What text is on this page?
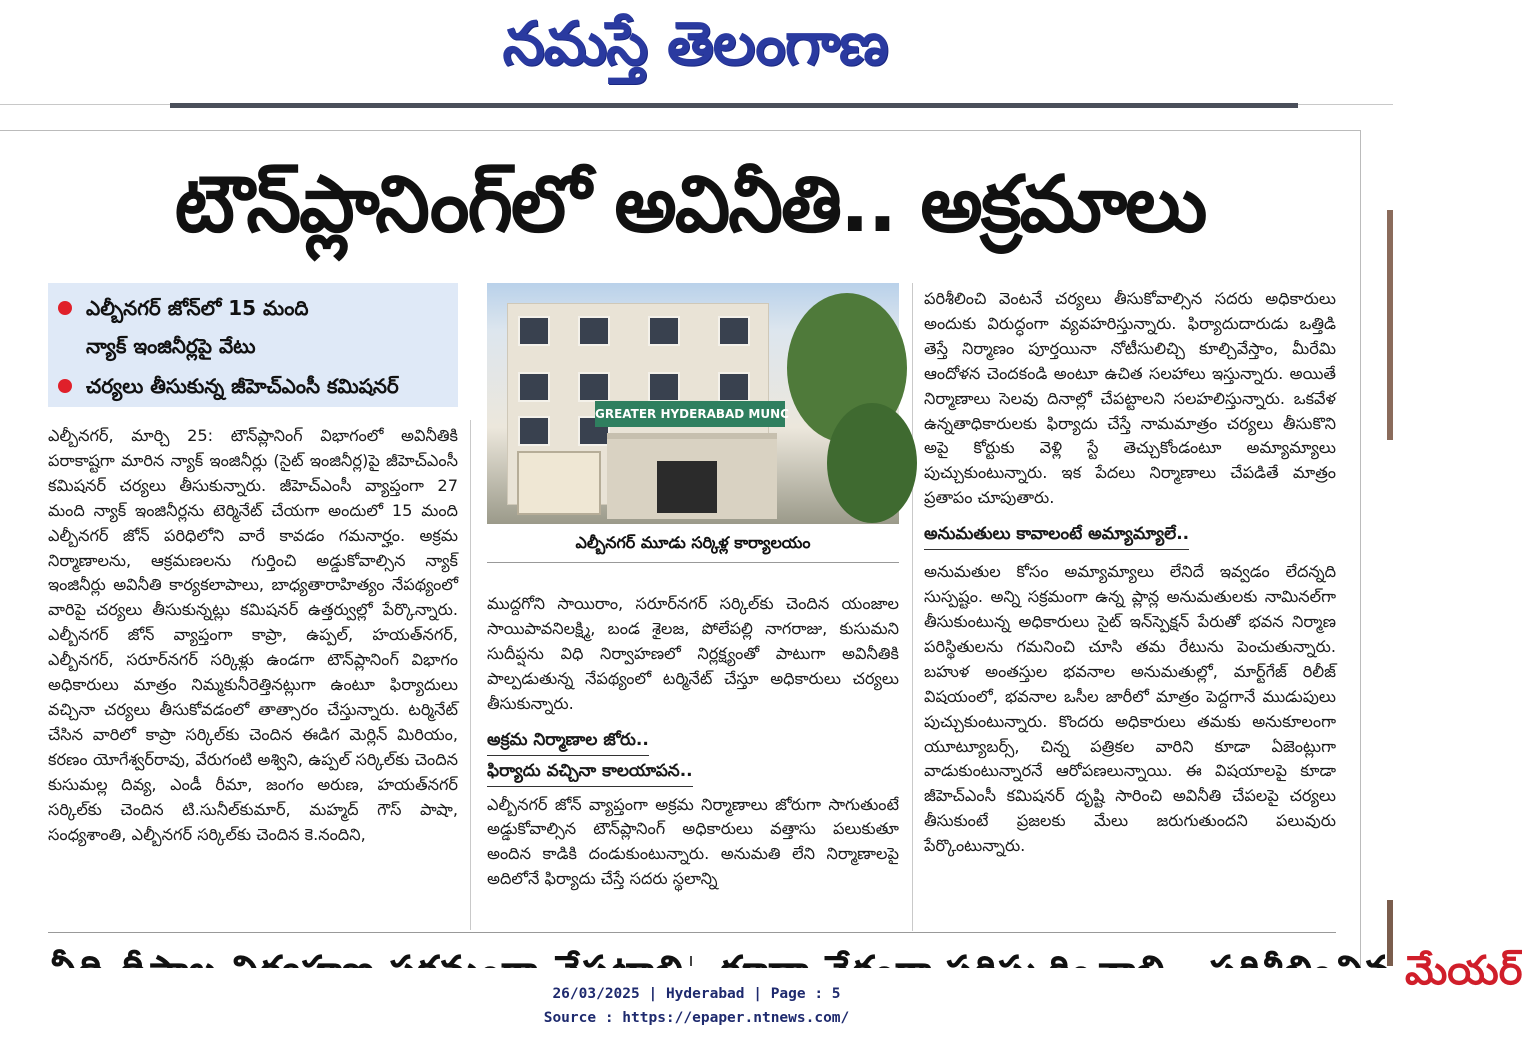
నమస్తే తెలంగాణ
టౌన్‌ప్లానింగ్‌లో అవినీతి.. అక్రమాలు
ఎల్బీనగర్ జోన్‌లో 15 మంది
న్యాక్ ఇంజినీర్లపై వేటు
చర్యలు తీసుకున్న జీహెచ్ఎంసీ కమిషనర్

ఎల్బీనగర్, మార్చి 25: టౌన్‌ప్లానింగ్ విభాగంలో అవినీతికి పరాకాష్టగా మారిన న్యాక్ ఇంజినీర్లు (సైట్ ఇంజినీర్ల)పై జీహెచ్ఎంసీ కమిషనర్ చర్యలు తీసుకున్నారు. జీహెచ్ఎంసీ వ్యాప్తంగా 27 మంది న్యాక్ ఇంజినీర్లను టెర్మినేట్ చేయగా అందులో 15 మంది ఎల్బీనగర్ జోన్ పరిధిలోని వారే కావడం గమనార్హం. అక్రమ నిర్మాణాలను, ఆక్రమణలను గుర్తించి అడ్డుకోవాల్సిన న్యాక్ ఇంజినీర్లు అవినీతి కార్యకలాపాలు, బాధ్యతారాహిత్యం నేపథ్యంలో వారిపై చర్యలు తీసుకున్నట్లు కమిషనర్ ఉత్తర్వుల్లో పేర్కొన్నారు. ఎల్బీనగర్ జోన్ వ్యాప్తంగా కాప్రా, ఉప్పల్, హయత్‌నగర్, ఎల్బీనగర్, సరూర్‌నగర్ సర్కిళ్లు ఉండగా టౌన్‌ప్లానింగ్ విభాగం అధికారులు మాత్రం నిమ్మకునీరెత్తినట్లుగా ఉంటూ ఫిర్యాదులు వచ్చినా చర్యలు తీసుకోవడంలో తాత్సారం చేస్తున్నారు. టర్మినేట్ చేసిన వారిలో కాప్రా సర్కిల్‌కు చెందిన ఈడిగ మెర్లిన్ మిరియం, కరణం యోగేశ్వర్‌రావు, వేరుగంటి అశ్విని, ఉప్పల్ సర్కిల్‌కు చెందిన కుసుమల్ల దివ్య, ఎండీ రీమా, జంగం అరుణ, హయత్‌నగర్ సర్కిల్‌కు చెందిన టి.సునీల్‌కుమార్, మహ్మద్ గౌస్ పాషా, సంధ్యశాంతి, ఎల్బీనగర్ సర్కిల్‌కు చెందిన కె.నందిని,

GREATER HYDERABAD MUNC
ఎల్బీనగర్ మూడు సర్కిళ్ల కార్యాలయం

ముద్దగోని సాయిరాం, సరూర్‌నగర్ సర్కిల్‌కు చెందిన యంజాల సాయిపావనిలక్ష్మి, బండ శైలజ, పోలేపల్లి నాగరాజు, కుసుమని సుదీప్షను విధి నిర్వాహణలో నిర్లక్ష్యంతో పాటుగా అవినీతికి పాల్పడుతున్న నేపథ్యంలో టర్మినేట్ చేస్తూ అధికారులు చర్యలు తీసుకున్నారు.

అక్రమ నిర్మాణాల జోరు..
ఫిర్యాదు వచ్చినా కాలయాపన..

ఎల్బీనగర్ జోన్ వ్యాప్తంగా అక్రమ నిర్మాణాలు జోరుగా సాగుతుంటే అడ్డుకోవాల్సిన టౌన్‌ప్లానింగ్ అధికారులు వత్తాసు పలుకుతూ అందిన కాడికి దండుకుంటున్నారు. అనుమతి లేని నిర్మాణాలపై అదిలోనే ఫిర్యాదు చేస్తే సదరు స్థలాన్ని

పరిశీలించి వెంటనే చర్యలు తీసుకోవాల్సిన సదరు అధికారులు అందుకు విరుద్ధంగా వ్యవహరిస్తున్నారు. ఫిర్యాదుదారుడు ఒత్తిడి తెస్తే నిర్మాణం పూర్తయినా నోటీసులిచ్చి కూల్చివేస్తాం, మీరేమి ఆందోళన చెందకండి అంటూ ఉచిత సలహాలు ఇస్తున్నారు. అయితే నిర్మాణాలు సెలవు దినాల్లో చేపట్టాలని సలహలిస్తున్నారు. ఒకవేళ ఉన్నతాధికారులకు ఫిర్యాదు చేస్తే నామమాత్రం చర్యలు తీసుకొని అపై కోర్టుకు వెళ్లి స్టే తెచ్చుకోండంటూ అమ్యామ్యాలు పుచ్చుకుంటున్నారు. ఇక పేదలు నిర్మాణాలు చేపడితే మాత్రం ప్రతాపం చూపుతారు.

అనుమతులు కావాలంటే అమ్యామ్యాలే..

అనుమతుల కోసం అమ్యామ్యాలు లేనిదే ఇవ్వడం లేదన్నది సుస్పష్టం. అన్ని సక్రమంగా ఉన్న ప్లాన్ల అనుమతులకు నామినల్‌గా తీసుకుంటున్న అధికారులు సైట్ ఇన్‌స్పెక్షన్ పేరుతో భవన నిర్మాణ పరిస్థితులను గమనించి చూసి తమ రేటును పెంచుతున్నారు. బహుళ అంతస్తుల భవనాల అనుమతుల్లో, మార్ట్‌గేజ్ రిలీజ్ విషయంలో, భవనాల ఒసీల జారీలో మాత్రం పెద్దగానే ముడుపులు పుచ్చుకుంటున్నారు. కొందరు అధికారులు తమకు అనుకూలంగా యూట్యూబర్స్, చిన్న పత్రికల వారిని కూడా ఏజెంట్లుగా వాడుకుంటున్నారనే ఆరోపణలున్నాయి. ఈ విషయాలపై కూడా జీహెచ్ఎంసీ కమిషనర్ దృష్టి సారించి అవినీతి చేపలపై చర్యలు తీసుకుంటే ప్రజలకు మేలు జరుగుతుందని పలువురు పేర్కొంటున్నారు.

మేయర్
26/03/2025 | Hyderabad | Page : 5
Source : https://epaper.ntnews.com/
